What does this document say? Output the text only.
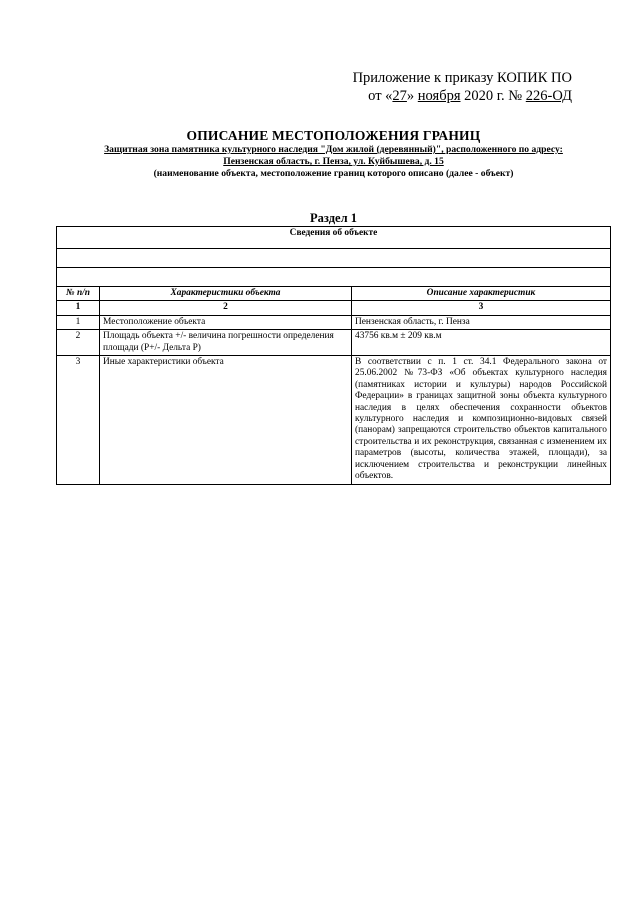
Приложение к приказу КОПИК ПО
от «27» ноября 2020 г. № 226-ОД
ОПИСАНИЕ МЕСТОПОЛОЖЕНИЯ ГРАНИЦ
Защитная зона памятника культурного наследия "Дом жилой (деревянный)", расположенного по адресу:
Пензенская область, г. Пенза, ул. Куйбышева, д. 15
(наименование объекта, местоположение границ которого описано (далее - объект)
Раздел 1
Сведения об объекте		

№ п/п	Характеристики объекта	Описание характеристик
1	2	3
1	Местоположение объекта	Пензенская область, г. Пенза
2	Площадь объекта +/- величина погрешности определения площади (P+/- Дельта P)	43756 кв.м ± 209 кв.м
3	Иные характеристики объекта	В соответствии с п. 1 ст. 34.1 Федерального закона от 25.06.2002 №73-ФЗ «Об объектах культурного наследия (памятниках истории и культуры) народов Российской Федерации» в границах защитной зоны объекта культурного наследия в целях обеспечения сохранности объектов культурного наследия и композиционно-видовых связей (панорам) запрещаются строительство объектов капитального строительства и их реконструкция, связанная с изменением их параметров (высоты, количества этажей, площади), за исключением строительства и реконструкции линейных объектов.
